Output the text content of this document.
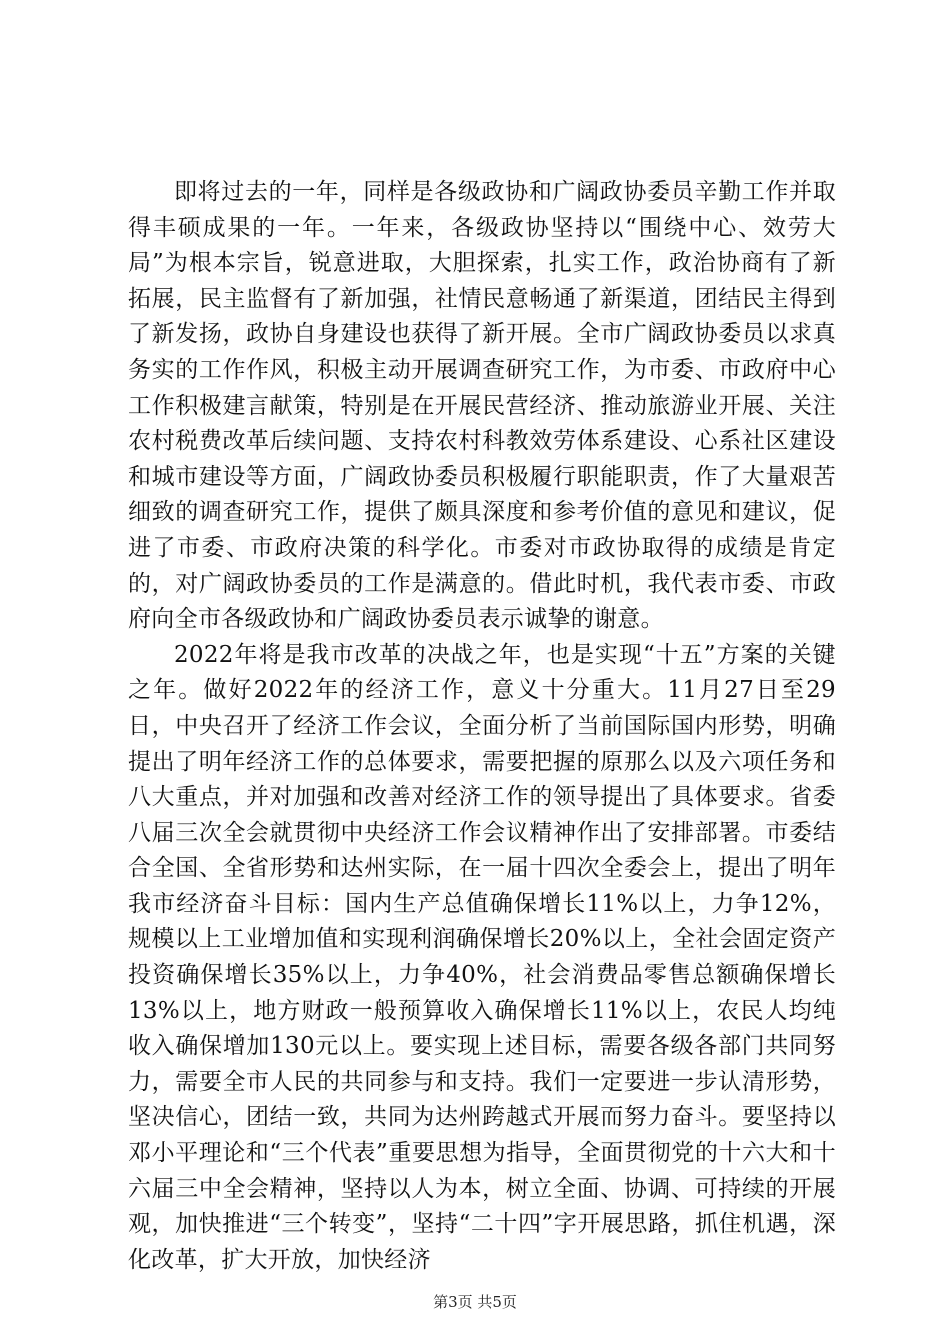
即将过去的一年，同样是各级政协和广阔政协委员辛勤工作并取得丰硕成果的一年。一年来，各级政协坚持以“围绕中心、效劳大局”为根本宗旨，锐意进取，大胆探索，扎实工作，政治协商有了新拓展，民主监督有了新加强，社情民意畅通了新渠道，团结民主得到了新发扬，政协自身建设也获得了新开展。全市广阔政协委员以求真务实的工作作风，积极主动开展调查研究工作，为市委、市政府中心工作积极建言献策，特别是在开展民营经济、推动旅游业开展、关注农村税费改革后续问题、支持农村科教效劳体系建设、心系社区建设和城市建设等方面，广阔政协委员积极履行职能职责，作了大量艰苦细致的调查研究工作，提供了颇具深度和参考价值的意见和建议，促进了市委、市政府决策的科学化。市委对市政协取得的成绩是肯定的，对广阔政协委员的工作是满意的。借此时机，我代表市委、市政府向全市各级政协和广阔政协委员表示诚挚的谢意。

2022年将是我市改革的决战之年，也是实现“十五”方案的关键之年。做好2022年的经济工作，意义十分重大。11月27日至29日，中央召开了经济工作会议，全面分析了当前国际国内形势，明确提出了明年经济工作的总体要求，需要把握的原那么以及六项任务和八大重点，并对加强和改善对经济工作的领导提出了具体要求。省委八届三次全会就贯彻中央经济工作会议精神作出了安排部署。市委结合全国、全省形势和达州实际，在一届十四次全委会上，提出了明年我市经济奋斗目标：国内生产总值确保增长11%以上，力争12%，规模以上工业增加值和实现利润确保增长20%以上，全社会固定资产投资确保增长35%以上，力争40%，社会消费品零售总额确保增长13%以上，地方财政一般预算收入确保增长11%以上，农民人均纯收入确保增加130元以上。要实现上述目标，需要各级各部门共同努力，需要全市人民的共同参与和支持。我们一定要进一步认清形势，坚决信心，团结一致，共同为达州跨越式开展而努力奋斗。要坚持以邓小平理论和“三个代表”重要思想为指导，全面贯彻党的十六大和十六届三中全会精神，坚持以人为本，树立全面、协调、可持续的开展观，加快推进“三个转变”，坚持“二十四”字开展思路，抓住机遇，深化改革，扩大开放，加快经济

第3页 共5页
